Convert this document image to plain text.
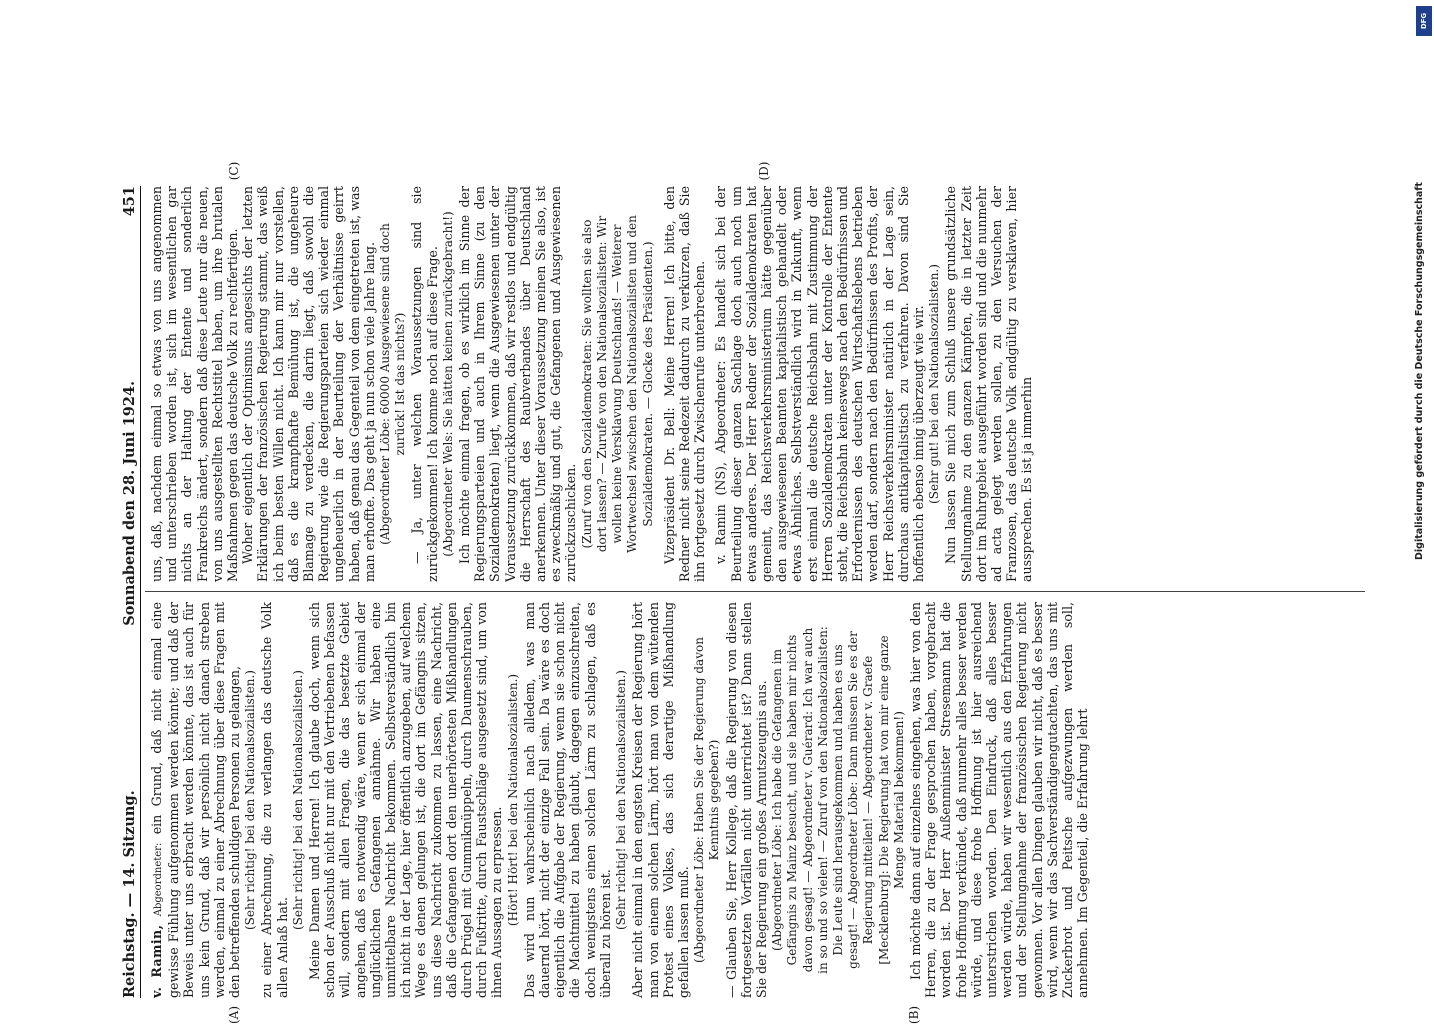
Reichstag. — 14. Sitzung.
Sonnabend den 28. Juni 1924.
451
(A)	(B)
(C)	(D)

v. Ramin, Abgeordneter: ein Grund, daß nicht einmal eine gewisse Fühlung aufgenommen werden könnte; und daß der Beweis unter uns erbracht werden könnte, das ist auch für uns kein Grund, daß wir persönlich nicht danach streben werden, einmal zu einer Abrechnung über diese Fragen mit den betreffenden schuldigen Personen zu gelangen, (Sehr richtig! bei den Nationalsozialisten.) zu einer Abrechnung, die zu verlangen das deutsche Volk allen Anlaß hat.

(Sehr richtig! bei den Nationalsozialisten.) Meine Damen und Herren! Ich glaube doch, wenn sich schon der Ausschuß nicht nur mit den Vertriebenen befassen will, sondern mit allen Fragen, die das besetzte Gebiet angehen, daß es notwendig wäre, wenn er sich einmal der unglücklichen Gefangenen annähme. Wir haben eine unmittelbare Nachricht bekommen. Selbstverständlich bin ich nicht in der Lage, hier öffentlich anzugeben, auf welchem Wege es denen gelungen ist, die dort im Gefängnis sitzen, uns diese Nachricht zukommen zu lassen, eine Nachricht, daß die Gefangenen dort den unerhörtesten Mißhandlungen durch Prügel mit Gummiknüppeln, durch Daumenschrauben, durch Fußtritte, durch Faustschläge ausgesetzt sind, um von ihnen Aussagen zu erpressen. (Hört! Hört! bei den Nationalsozialisten.) Das wird nun wahrscheinlich nach alledem, was man dauernd hört, nicht der einzige Fall sein. Da wäre es doch eigentlich die Aufgabe der Regierung, wenn sie schon nicht die Machtmittel zu haben glaubt, dagegen einzuschreiten, doch wenigstens einen solchen Lärm zu schlagen, daß es überall zu hören ist.

(Sehr richtig! bei den Nationalsozialisten.) Aber nicht einmal in den engsten Kreisen der Regierung hört man von einem solchen Lärm, hört man von dem wütenden Protest eines Volkes, das sich derartige Mißhandlung gefallen lassen muß. (Abgeordneter Löbe: Haben Sie der Regierung davon Kenntnis gegeben?) — Glauben Sie, Herr Kollege, daß die Regierung von diesen fortgesetzten Vorfällen nicht unterrichtet ist? Dann stellen Sie der Regierung ein großes Armutszeugnis aus. (Abgeordneter Löbe: Ich habe die Gefangenen im Gefängnis zu Mainz besucht, und sie haben mir nichts davon gesagt! — Abgeordneter v. Guérard: Ich war auch in so und so vielen! — Zuruf von den Nationalsozialisten: Die Leute sind herausgekommen und haben es uns gesagt! — Abgeordneter Löbe: Dann müssen Sie es der Regierung mitteilen! — Abgeordneter v. Graefe [Mecklenburg]: Die Regierung hat von mir eine ganze Menge Material bekommen!) Ich möchte dann auf einzelnes eingehen, was hier von den Herren, die zu der Frage gesprochen haben, vorgebracht worden ist. Der Herr Außenminister Stresemann hat die frohe Hoffnung verkündet, daß nunmehr alles besser werden würde, und diese frohe Hoffnung ist hier ausreichend unterstrichen worden. Den Eindruck, daß alles besser werden würde, haben wir wesentlich aus den Erfahrungen und der Stellungnahme der französischen Regierung nicht gewonnen. Vor allen Dingen glauben wir nicht, daß es besser wird, wenn wir das Sachverständigengutachten, das uns mit Zuckerbrot und Peitsche aufgezwungen werden soll, annehmen. Im Gegenteil, die Erfahrung lehrt

uns, daß, nachdem einmal so etwas von uns angenommen und unterschrieben worden ist, sich im wesentlichen gar nichts an der Haltung der Entente und sonderlich Frankreichs ändert, sondern daß diese Leute nur die neuen, von uns ausgestellten Rechtstitel haben, um ihre brutalen Maßnahmen gegen das deutsche Volk zu rechtfertigen. Woher eigentlich der Optimismus angesichts der letzten Erklärungen der französischen Regierung stammt, das weiß ich beim besten Willen nicht. Ich kann mir nur vorstellen, daß es die krampfhafte Bemühung ist, die ungeheure Blamage zu verdecken, die darin liegt, daß sowohl die Regierung wie die Regierungsparteien sich wieder einmal ungeheuerlich in der Beurteilung der Verhältnisse geirrt haben, daß genau das Gegenteil von dem eingetreten ist, was man erhoffte. Das geht ja nun schon viele Jahre lang. (Abgeordneter Löbe: 60000 Ausgewiesene sind doch zurück! Ist das nichts?) — Ja, unter welchen Voraussetzungen sind sie zurückgekommen! Ich komme noch auf diese Frage. (Abgeordneter Wels: Sie hätten keinen zurückgebracht!) Ich möchte einmal fragen, ob es wirklich im Sinne der Regierungsparteien und auch in Ihrem Sinne (zu den Sozialdemokraten) liegt, wenn die Ausgewiesenen unter der Voraussetzung zurückkommen, daß wir restlos und endgültig die Herrschaft des Raubverbandes über Deutschland anerkennen. Unter dieser Voraussetzung meinen Sie also, ist es zweckmäßig und gut, die Gefangenen und Ausgewiesenen zurückzuschicken. (Zuruf von den Sozialdemokraten: Sie wollten sie also dort lassen? — Zurufe von den Nationalsozialisten: Wir wollen keine Versklavung Deutschlands! — Weiterer Wortwechsel zwischen den Nationalsozialisten und den Sozialdemokraten. — Glocke des Präsidenten.) Vizepräsident Dr. Bell: Meine Herren! Ich bitte, den Redner nicht seine Redezeit dadurch zu verkürzen, daß Sie ihn fortgesetzt durch Zwischenrufe unterbrechen. v. Ramin (NS), Abgeordneter: Es handelt sich bei der Beurteilung dieser ganzen Sachlage doch auch noch um etwas anderes. Der Herr Redner der Sozialdemokraten hat gemeint, das Reichsverkehrsministerium hätte gegenüber den ausgewiesenen Beamten kapitalistisch gehandelt oder etwas Ähnliches. Selbstverständlich wird in Zukunft, wenn erst einmal die deutsche Reichsbahn mit Zustimmung der Herren Sozialdemokraten unter der Kontrolle der Entente steht, die Reichsbahn keineswegs nach den Bedürfnissen und Erfordernissen des deutschen Wirtschaftslebens betrieben werden darf, sondern nach den Bedürfnissen des Profits, der Herr Reichsverkehrsminister natürlich in der Lage sein, durchaus antikapitalistisch zu verfahren. Davon sind Sie hoffentlich ebenso innig überzeugt wie wir. (Sehr gut! bei den Nationalsozialisten.) Nun lassen Sie mich zum Schluß unsere grundsätzliche Stellungnahme zu den ganzen Kämpfen, die in letzter Zeit dort im Ruhrgebiet ausgeführt worden sind und die nunmehr ad acta gelegt werden sollen, zu den Versuchen der Franzosen, das deutsche Volk endgültig zu versklaven, hier aussprechen. Es ist ja immerhin

DFG
Digitalisierung gefördert durch die Deutsche Forschungsgemeinschaft
